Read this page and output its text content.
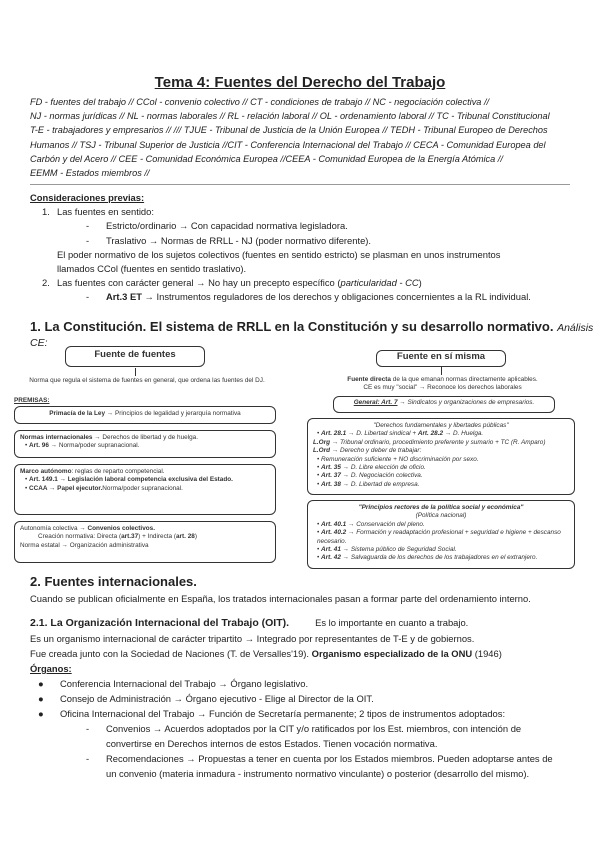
Tema 4: Fuentes del Derecho del Trabajo
FD - fuentes del trabajo // CCol - convenio colectivo // CT - condiciones de trabajo // NC - negociación colectiva //
NJ - normas jurídicas // NL - normas laborales // RL - relación laboral // OL - ordenamiento laboral // TC - Tribunal Constitucional
T-E - trabajadores y empresarios // /// TJUE - Tribunal de Justicia de la Unión Europea // TEDH - Tribunal Europeo de Derechos
Humanos // TSJ - Tribunal Superior de Justicia //CIT - Conferencia Internacional del Trabajo // CECA - Comunidad Europea del
Carbón y del Acero // CEE - Comunidad Económica Europea //CEEA - Comunidad Europea de la Energía Atómica //
EEMM - Estados miembros //
Consideraciones previas:
1. Las fuentes en sentido:
- Estricto/ordinario → Con capacidad normativa legisladora.
- Traslativo → Normas de RRLL - NJ (poder normativo diferente).
El poder normativo de los sujetos colectivos (fuentes en sentido estricto) se plasman en unos instrumentos
llamados CCol (fuentes en sentido traslativo).
2. Las fuentes con carácter general → No hay un precepto específico (particularidad - CC)
- Art.3 ET → Instrumentos reguladores de los derechos y obligaciones concernientes a la RL individual.
1. La Constitución. El sistema de RRLL en la Constitución y su desarrollo normativo. Análisis CE:
Fuente de fuentes
Norma que regula el sistema de fuentes en general, que ordena las fuentes del DJ.
PREMISAS:
Primacía de la Ley → Principios de legalidad y jerarquía normativa
Normas internacionales → Derechos de libertad y de huelga.
• Art. 96 → Norma/poder supranacional.
Marco autónomo: reglas de reparto competencial.
• Art. 149.1 → Legislación laboral competencia exclusiva del Estado.
• CCAA → Papel ejecutor.Norma/poder supranacional.
Autonomía colectiva → Convenios colectivos.
Creación normativa: Directa (art.37) + Indirecta (art. 28)
Norma estatal → Organización administrativa
Fuente en sí misma
Fuente directa de la que emanan normas directamente aplicables.
CE es muy "social" → Reconoce los derechos laborales
General: Art. 7 → Sindicatos y organizaciones de empresarios.
"Derechos fundamentales y libertades públicas"
• Art. 28.1 → D. Libertad sindical + Art. 28.2 → D. Huelga.
L.Org → Tribunal ordinario, procedimiento preferente y sumario + TC (R. Amparo)
L.Ord → Derecho y deber de trabajar:
• Remuneración suficiente + NO discriminación por sexo.
• Art. 35 → D. Libre elección de oficio.
• Art. 37 → D. Negociación colectiva.
• Art. 38 → D. Libertad de empresa.
"Principios rectores de la política social y económica"
(Política nacional)
• Art. 40.1 → Conservación del pleno.
• Art. 40.2 → Formación y readaptación profesional + seguridad e higiene + descanso necesario.
• Art. 41 → Sistema público de Seguridad Social.
• Art. 42 → Salvaguarda de los derechos de los trabajadores en el extranjero.
2. Fuentes internacionales.
Cuando se publican oficialmente en España, los tratados internacionales pasan a formar parte del ordenamiento interno.
2.1. La Organización Internacional del Trabajo (OIT).	Es lo importante en cuanto a trabajo.
Es un organismo internacional de carácter tripartito → Integrado por representantes de T-E y de gobiernos.
Fue creada junto con la Sociedad de Naciones (T. de Versalles'19). Organismo especializado de la ONU (1946)
Órganos:
● Conferencia Internacional del Trabajo → Órgano legislativo.
● Consejo de Administración → Órgano ejecutivo - Elige al Director de la OIT.
● Oficina Internacional del Trabajo → Función de Secretaría permanente; 2 tipos de instrumentos adoptados:
- Convenios → Acuerdos adoptados por la CIT y/o ratificados por los Est. miembros, con intención de
convertirse en Derechos internos de estos Estados. Tienen vocación normativa.
- Recomendaciones → Propuestas a tener en cuenta por los Estados miembros. Pueden adoptarse antes de
un convenio (materia inmadura - instrumento normativo vinculante) o posterior (desarrollo del mismo).
